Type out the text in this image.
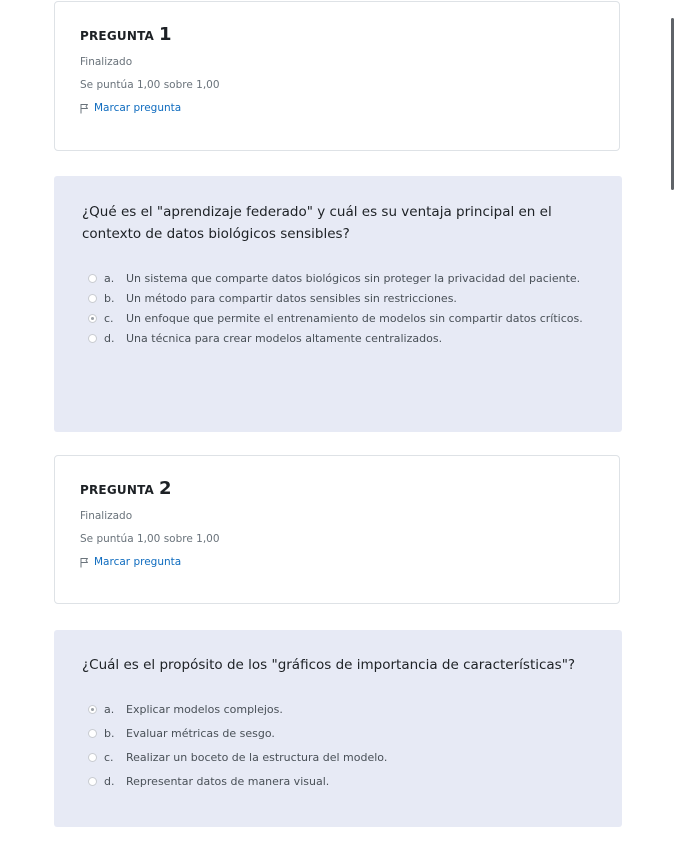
PREGUNTA 1
Finalizado
Se puntúa 1,00 sobre 1,00
Marcar pregunta

¿Qué es el "aprendizaje federado" y cuál es su ventaja principal en el contexto de datos biológicos sensibles?

a.	Un sistema que comparte datos biológicos sin proteger la privacidad del paciente.
b.	Un método para compartir datos sensibles sin restricciones.
c.	Un enfoque que permite el entrenamiento de modelos sin compartir datos críticos.
d.	Una técnica para crear modelos altamente centralizados.
PREGUNTA 2
Finalizado
Se puntúa 1,00 sobre 1,00
Marcar pregunta

¿Cuál es el propósito de los "gráficos de importancia de características"?

a.	Explicar modelos complejos.
b.	Evaluar métricas de sesgo.
c.	Realizar un boceto de la estructura del modelo.
d.	Representar datos de manera visual.
